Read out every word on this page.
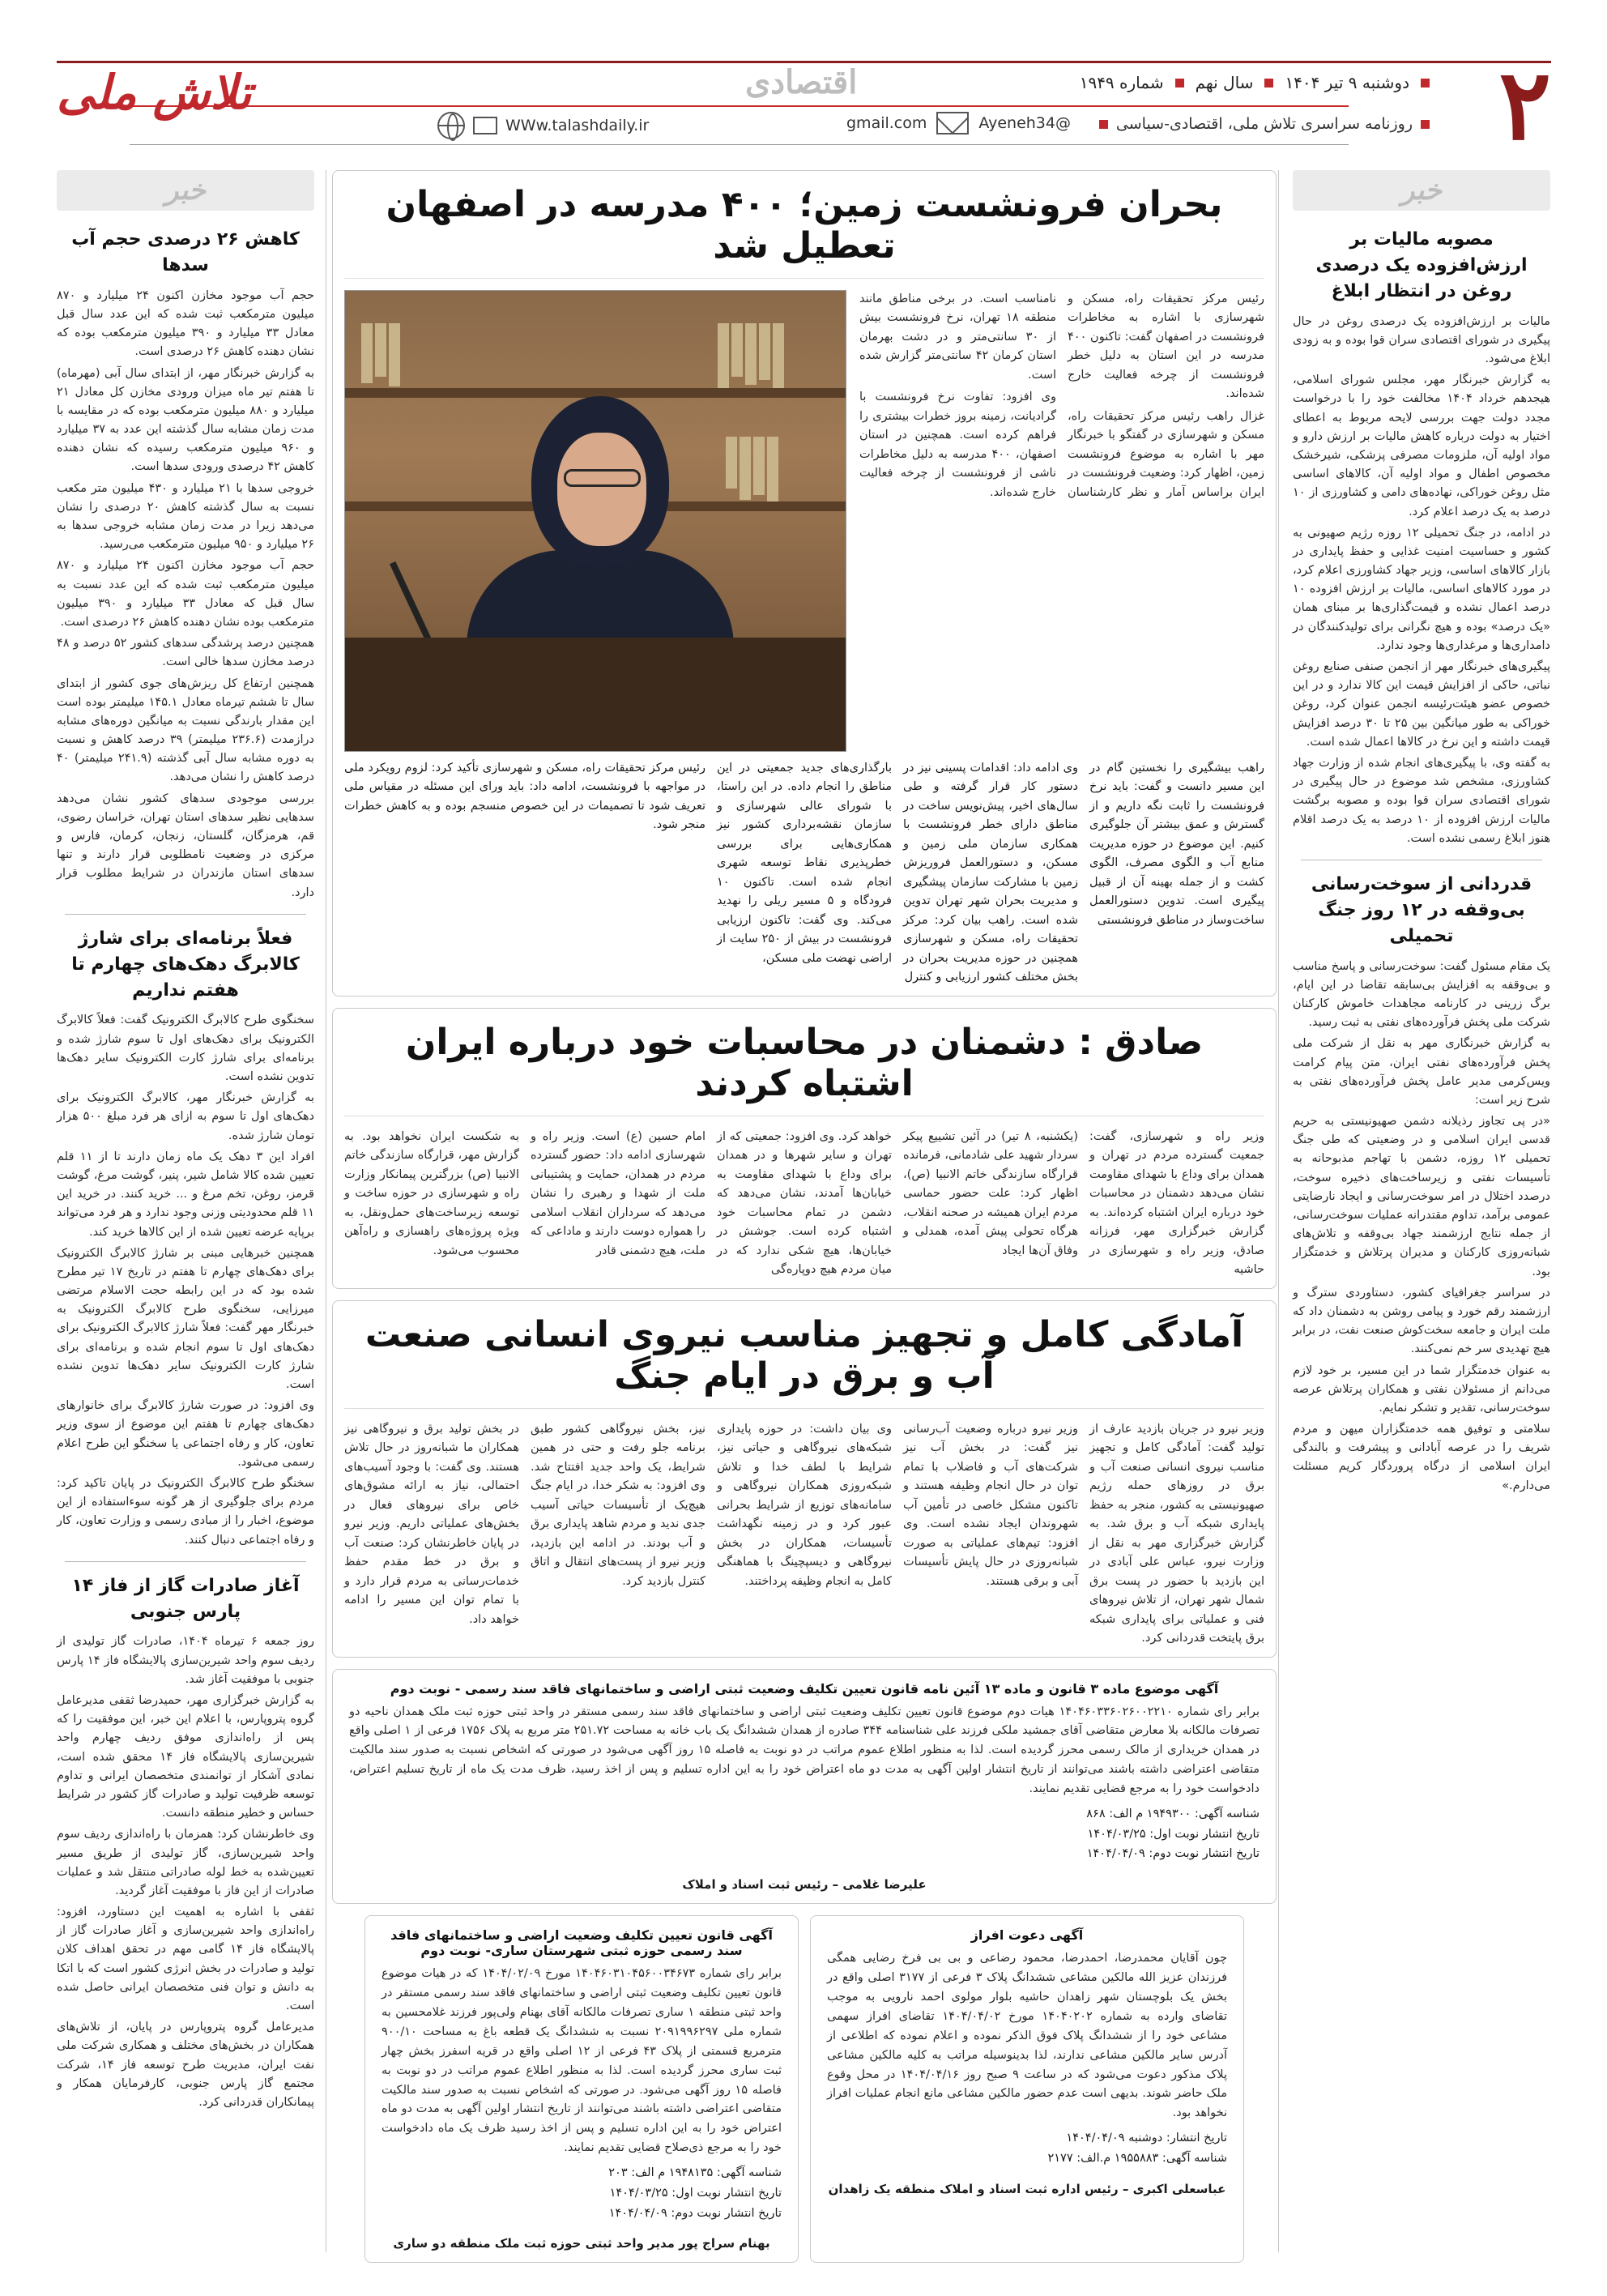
۲
تلاش ملی	اقتصادی	دوشنبه ۹ تیر ۱۴۰۴
سال نهم
شماره ۱۹۴۹
روزنامه سراسری تلاش ملی، اقتصادی-سیاسی
WWw.talashdaily.ir	gmail.com	Ayeneh34@
خبر
مصوبه مالیات بر ارزش‌افزوده یک درصدی روغن در انتظار ابلاغ

مالیات بر ارزش‌افزوده یک درصدی روغن در حال پیگیری در شورای اقتصادی سران قوا بوده و به زودی ابلاغ می‌شود.

به گزارش خبرنگار مهر، مجلس شورای اسلامی، هیجدهم خرداد ۱۴۰۴ مخالفت خود را با درخواست مجدد دولت جهت بررسی لایحه مربوط به اعطای اختیار به دولت درباره کاهش مالیات بر ارزش دارو و مواد اولیه آن، ملزومات مصرفی پزشکی، شیرخشک مخصوص اطفال و مواد اولیه آن، کالاهای اساسی مثل روغن خوراکی، نهاده‌های دامی و کشاورزی از ۱۰ درصد به یک درصد اعلام کرد.

در ادامه، در جنگ تحمیلی ۱۲ روزه رژیم صهیونی به کشور و حساسیت امنیت غذایی و حفظ پایداری در بازار کالاهای اساسی، وزیر جهاد کشاورزی اعلام کرد، در مورد کالاهای اساسی، مالیات بر ارزش افزوده ۱۰ درصد اعمال نشده و قیمت‌گذاری‌ها بر مبنای همان «یک درصد» بوده و هیچ نگرانی برای تولیدکنندگان در دامداری‌ها و مرغداری‌ها وجود ندارد.

پیگیری‌های خبرنگار مهر از انجمن صنفی صنایع روغن نباتی، حاکی از افزایش قیمت این کالا ندارد و در این خصوص عضو هیئت‌رئیسه انجمن عنوان کرد، روغن خوراکی به طور میانگین بین ۲۵ تا ۳۰ درصد افزایش قیمت داشته و این نرخ در کالاها اعمال شده است.

به گفته وی، با پیگیری‌های انجام شده از وزارت جهاد کشاورزی، مشخص شد موضوع در حال پیگیری در شورای اقتصادی سران قوا بوده و مصوبه برگشت مالیات ارزش افزوده از ۱۰ درصد به یک درصد اقلام هنوز ابلاغ رسمی نشده است.

قدردانی از سوخت‌رسانی بی‌وقفه در ۱۲ روز جنگ تحمیلی

یک مقام مسئول گفت: سوخت‌رسانی و پاسخ مناسب و بی‌وقفه به افزایش بی‌سابقه تقاضا در این ایام، برگ زرینی در کارنامه مجاهدات خاموش کارکنان شرکت ملی پخش فرآورده‌های نفتی به ثبت رسید.

به گزارش خبرنگاری مهر به نقل از شرکت ملی پخش فرآورده‌های نفتی ایران، متن پیام کرامت ویس‌کرمی مدیر عامل پخش فرآورده‌های نفتی به شرح زیر است:

«در پی تجاوز رذیلانه دشمن صهیونیستی به حریم قدسی ایران اسلامی و در وضعیتی که طی جنگ تحمیلی ۱۲ روزه، دشمن با تهاجم مذبوحانه به تأسیسات نفتی و زیرساخت‌های ذخیره سوخت، درصدد اختلال در امر سوخت‌رسانی و ایجاد نارضایتی عمومی برآمد، تداوم مقتدرانه عملیات سوخت‌رسانی، از جمله نتایج ارزشمند جهاد بی‌وقفه و تلاش‌های شبانه‌روزی کارکنان و مدیران پرتلاش و خدمتگزار بود.

در سراسر جغرافیای کشور، دستاوردی سترگ و ارزشمند رقم خورد و پیامی روشن به دشمنان داد که ملت ایران و جامعه سخت‌کوش صنعت نفت، در برابر هیچ تهدیدی سر خم نمی‌کنند.

به عنوان خدمتگزار شما در این مسیر، بر خود لازم می‌دانم از مسئولان نفتی و همکاران پرتلاش عرصه سوخت‌رسانی، تقدیر و تشکر نمایم.

سلامتی و توفیق همه خدمتگزاران میهن و مردم شریف را در عرصه آبادانی و پیشرفت و بالندگی ایران اسلامی از درگاه پروردگار کریم مسئلت می‌دارم.»

خبر
کاهش ۲۶ درصدی حجم آب سدها

حجم آب موجود مخازن اکنون ۲۴ میلیارد و ۸۷۰ میلیون مترمکعب ثبت شده که این عدد سال قبل معادل ۳۳ میلیارد و ۳۹۰ میلیون مترمکعب بوده که نشان دهنده کاهش ۲۶ درصدی است.

به گزارش خبرنگار مهر، از ابتدای سال آبی (مهرماه) تا هفتم تیر ماه میزان ورودی مخازن کل معادل ۲۱ میلیارد و ۸۸۰ میلیون مترمکعب بوده که در مقایسه با مدت زمان مشابه سال گذشته این عدد به ۳۷ میلیارد و ۹۶۰ میلیون مترمکعب رسیده که نشان دهنده کاهش ۴۲ درصدی ورودی سدها است.

خروجی سدها با ۲۱ میلیارد و ۴۳۰ میلیون متر مکعب نسبت به سال گذشته کاهش ۲۰ درصدی را نشان می‌دهد زیرا در مدت زمان مشابه خروجی سدها به ۲۶ میلیارد و ۹۵۰ میلیون مترمکعب می‌رسید.

حجم آب موجود مخازن اکنون ۲۴ میلیارد و ۸۷۰ میلیون مترمکعب ثبت شده که این عدد نسبت به سال قبل که معادل ۳۳ میلیارد و ۳۹۰ میلیون مترمکعب بوده نشان دهنده کاهش ۲۶ درصدی است.

همچنین درصد پرشدگی سدهای کشور ۵۲ درصد و ۴۸ درصد مخازن سدها خالی است.

همچنین ارتفاع کل ریزش‌های جوی کشور از ابتدای سال تا ششم تیرماه معادل ۱۴۵.۱ میلیمتر بوده است این مقدار بارندگی نسبت به میانگین دوره‌های مشابه درازمدت (۲۳۶.۶ میلیمتر) ۳۹ درصد کاهش و نسبت به دوره مشابه سال آبی گذشته (۲۴۱.۹ میلیمتر) ۴۰ درصد کاهش را نشان می‌دهد.

بررسی موجودی سدهای کشور نشان می‌دهد سدهایی نظیر سدهای استان تهران، خراسان رضوی، قم، هرمزگان، گلستان، زنجان، کرمان، فارس و مرکزی در وضعیت نامطلوبی قرار دارند و تنها سدهای استان مازندران در شرایط مطلوب قرار دارد.

فعلاً برنامه‌ای برای شارژ کالابرگ دهک‌های چهارم تا هفتم نداریم

سخنگوی طرح کالابرگ الکترونیک گفت: فعلاً کالابرگ الکترونیک برای دهک‌های اول تا سوم شارژ شده و برنامه‌ای برای شارژ کارت الکترونیک سایر دهک‌ها تدوین نشده است.

به گزارش خبرنگار مهر، کالابرگ الکترونیک برای دهک‌های اول تا سوم به ازای هر فرد مبلغ ۵۰۰ هزار تومان شارژ شده.

افراد این ۳ دهک یک ماه زمان دارند تا از ۱۱ قلم تعیین شده کالا شامل شیر، پنیر، گوشت مرغ، گوشت قرمز، روغن، تخم مرغ و ... خرید کنند. در خرید این ۱۱ قلم محدودیتی وزنی وجود ندارد و هر فرد می‌تواند برپایه عرضه تعیین شده از این کالاها خرید کند.

همچنین خبرهایی مبنی بر شارژ کالابرگ الکترونیک برای دهک‌های چهارم تا هفتم در تاریخ ۱۷ تیر مطرح شده بود که در این رابطه حجت الاسلام مرتضی میرزایی، سخنگوی طرح کالابرگ الکترونیک به خبرنگار مهر گفت: فعلاً شارژ کالابرگ الکترونیک برای دهک‌های اول تا سوم انجام شده و برنامه‌ای برای شارژ کارت الکترونیک سایر دهک‌ها تدوین نشده است.

وی افزود: در صورت شارژ کالابرگ برای خانوارهای دهک‌های چهارم تا هفتم این موضوع از سوی وزیر تعاون، کار و رفاه اجتماعی یا سخنگو این طرح اعلام رسمی می‌شود.

سخنگو طرح کالابرگ الکترونیک در پایان تاکید کرد: مردم برای جلوگیری از هر گونه سوءاستفاده از این موضوع، اخبار را از مبادی رسمی و وزارت تعاون، کار و رفاه اجتماعی دنبال کنند.

آغاز صادرات گاز از فاز ۱۴ پارس جنوبی

روز جمعه ۶ تیرماه ۱۴۰۴، صادرات گاز تولیدی از ردیف سوم واحد شیرین‌سازی پالایشگاه فاز ۱۴ پارس جنوبی با موفقیت آغاز شد.

به گزارش خبرگزاری مهر، حمیدرضا ثقفی مدیرعامل گروه پتروپارس، با اعلام این خبر، این موفقیت را که پس از راه‌اندازی موفق ردیف چهارم واحد شیرین‌سازی پالایشگاه فاز ۱۴ محقق شده است، نمادی آشکار از توانمندی متخصصان ایرانی و تداوم توسعه ظرفیت تولید و صادرات گاز کشور در شرایط حساس و خطیر منطقه دانست.

وی خاطرنشان کرد: همزمان با راه‌اندازی ردیف سوم واحد شیرین‌سازی، گاز تولیدی از طریق مسیر تعیین‌شده به خط لوله صادراتی منتقل شد و عملیات صادرات از این فاز با موفقیت آغاز گردید.

ثقفی با اشاره به اهمیت این دستاورد، افزود: راه‌اندازی واحد شیرین‌سازی و آغاز صادرات گاز از پالایشگاه فاز ۱۴ گامی مهم در تحقق اهداف کلان تولید و صادرات در بخش انرژی کشور است که با اتکا به دانش و توان فنی متخصصان ایرانی حاصل شده است.

مدیرعامل گروه پتروپارس در پایان، از تلاش‌های همکاران در بخش‌های مختلف و همکاری شرکت ملی نفت ایران، مدیریت طرح توسعه فاز ۱۴، شرکت مجتمع گاز پارس جنوبی، کارفرمایان همکار و پیمانکاران قدردانی کرد.

بحران فرونشست زمین؛ ۴۰۰ مدرسه در اصفهان تعطیل شد

رئیس مرکز تحقیقات راه، مسکن و شهرسازی با اشاره به مخاطرات فرونشست در اصفهان گفت: تاکنون ۴۰۰ مدرسه در این استان به دلیل خطر فرونشست از چرخه فعالیت خارج شده‌اند.

غزال راهب رئیس مرکز تحقیقات راه، مسکن و شهرسازی در گفتگو با خبرنگار مهر با اشاره به موضوع فرونشست زمین، اظهار کرد: وضعیت فرونشست در ایران براساس آمار و نظر کارشناسان نامناسب است. در برخی مناطق مانند منطقه ۱۸ تهران، نرخ فرونشست بیش از ۳۰ سانتی‌متر و در دشت بهرمان استان کرمان ۴۲ سانتی‌متر گزارش شده است.

وی افزود: تفاوت نرخ فرونشست با گرادیانت، زمینه بروز خطرات بیشتری را فراهم کرده است. همچنین در استان اصفهان، ۴۰۰ مدرسه به دلیل مخاطرات ناشی از فرونشست از چرخه فعالیت خارج شده‌اند.

راهب بیشگیری را نخستین گام در این مسیر دانست و گفت: باید نرخ فرونشست را ثابت نگه داریم و از گسترش و عمق بیشتر آن جلوگیری کنیم. این موضوع در حوزه مدیریت منابع آب و الگوی مصرف، الگوی کشت و از جمله بهینه آن از قبیل پیگیری است. تدوین دستورالعمل ساخت‌وساز در مناطق فرونشستی

وی ادامه داد: اقدامات پسینی نیز در دستور کار قرار گرفته و طی سال‌های اخیر، پیش‌نویس ساخت در مناطق دارای خطر فرونشست با همکاری سازمان ملی زمین و مسکن، و دستورالعمل فروریزش زمین با مشارکت سازمان پیشگیری و مدیریت بحران شهر تهران تدوین شده است. راهب بیان کرد: مرکز تحقیقات راه، مسکن و شهرسازی همچنین در حوزه مدیریت بحران در بخش مختلف کشور ارزیابی و کنترل

بارگذاری‌های جدید جمعیتی در این مناطق را انجام داده. در این راستا، با شورای عالی شهرسازی و سازمان نقشه‌برداری کشور نیز همکاری‌هایی برای بررسی خطرپذیری نقاط توسعه شهری انجام شده است. تاکنون ۱۰ فرودگاه و ۵ مسیر ریلی را نهدید می‌کند. وی گفت: تاکنون ارزیابی فرونشست در بیش از ۲۵۰ سایت از اراضی نهضت ملی مسکن،

رئیس مرکز تحقیقات راه، مسکن و شهرسازی تأکید کرد: لزوم رویکرد ملی در مواجهه با فرونشست، ادامه داد: باید ورای این مسئله در مقیاس ملی تعریف شود تا تصمیمات در این خصوص منسجم بوده و به کاهش خطرات منجر شود.

صادق : دشمنان در محاسبات خود درباره ایران اشتباه کردند

وزیر راه و شهرسازی، گفت: جمعیت گسترده مردم در تهران و همدان برای وداع با شهدای مقاومت نشان می‌دهد دشمنان در محاسبات خود درباره ایران اشتباه کرده‌اند. به گزارش خبرگزاری مهر، فرزانه صادق، وزیر راه و شهرسازی در حاشیه

(یکشنبه، ۸ تیر) در آئین تشییع پیکر سردار شهید علی شادمانی، فرمانده قرارگاه سازندگی خاتم الانبیا (ص)، اظهار کرد: علت حضور حماسی مردم ایران همیشه در صحنه انقلاب، هرگاه تحولی پیش آمده، همدلی و وفاق آن‌ها ایجاد

خواهد کرد. وی افزود: جمعیتی که از تهران و سایر شهرها و در همدان برای وداع با شهدای مقاومت به خیابان‌ها آمدند، نشان می‌دهد که دشمن در تمام محاسبات خود اشتباه کرده است. جوشش در خیابان‌ها، هیچ شکی ندارد که در میان مردم هیچ دوپاره‌گی

امام حسین (ع) است. وزیر راه و شهرسازی ادامه داد: حضور گسترده مردم در همدان، حمایت و پشتیبانی ملت از شهدا و رهبری را نشان می‌دهد که سرداران انقلاب اسلامی را همواره دوست دارند و ماداعی که ملت، هیچ دشمنی قادر

به شکست ایران نخواهد بود. به گزارش مهر، قرارگاه سازندگی خاتم الانبیا (ص) بزرگترین پیمانکار وزارت راه و شهرسازی در حوزه ساخت و توسعه زیرساخت‌های حمل‌ونقل، به ویژه پروژه‌های راهسازی و راه‌آهن محسوب می‌شود.

آمادگی کامل و تجهیز مناسب نیروی انسانی صنعت آب و برق در ایام جنگ

وزیر نیرو در جریان بازدید عارف از تولید گفت: آمادگی کامل و تجهیز مناسب نیروی انسانی صنعت آب و برق در روزهای حمله رژیم صهیونیستی به کشور، منجر به حفظ پایداری شبکه آب و برق شد. به گزارش خبرگزاری مهر به نقل از وزارت نیرو، عباس علی آبادی در این بازدید با حضور در پست برق شمال شهر تهران، از تلاش نیروهای فنی و عملیاتی برای پایداری شبکه برق پایتخت قدردانی کرد.

وزیر نیرو درباره وضعیت آب‌رسانی نیز گفت: در بخش آب نیز شرکت‌های آب و فاضلاب با تمام توان در حال انجام وظیفه هستند و تاکنون مشکل خاصی در تأمین آب شهروندان ایجاد نشده است. وی افزود: تیم‌های عملیاتی به صورت شبانه‌روزی در حال پایش تأسیسات آبی و برقی هستند.

وی بیان داشت: در حوزه پایداری شبکه‌های نیروگاهی و حیاتی نیز، شرایط با لطف خدا و تلاش شبکه‌روزی همکاران نیروگاهی و سامانه‌های توزیع از شرایط بحرانی عبور کرد و در زمینه نگهداشت تأسیسات، همکاران در بخش نیروگاهی و دیسپچینگ با هماهنگی کامل به انجام وظیفه پرداختند.

نیز، بخش نیروگاهی کشور طبق برنامه جلو رفت و حتی در همین شرایط، یک واحد جدید افتتاح شد. وی افزود: به شکر خدا، در ایام جنگ هیچ‌یک از تأسیسات حیاتی آسیب جدی ندید و مردم شاهد پایداری برق و آب بودند. در ادامه این بازدید، وزیر نیرو از پست‌های انتقال و اتاق کنترل بازدید کرد.

در بخش تولید برق و نیروگاهی نیز همکاران ما شبانه‌روز در حال تلاش هستند. وی گفت: با وجود آسیب‌های احتمالی، نیاز به ارائه مشوق‌های خاص برای نیروهای فعال در بخش‌های عملیاتی داریم. وزیر نیرو در پایان خاطرنشان کرد: صنعت آب و برق در خط مقدم حفظ خدمات‌رسانی به مردم قرار دارد و با تمام توان این مسیر را ادامه خواهد داد.

آگهی موضوع ماده ۳ قانون و ماده ۱۳ آئین نامه قانون تعیین تکلیف وضعیت ثبتی اراضی و ساختمانهای فاقد سند رسمی - نوبت دوم

برابر رای شماره ۱۴۰۴۶۰۳۳۶۰۲۶۰۰۲۲۱۰ هیات دوم موضوع قانون تعیین تکلیف وضعیت ثبتی اراضی و ساختمانهای فاقد سند رسمی مستقر در واحد ثبتی حوزه ثبت ملک همدان ناحیه دو تصرفات مالکانه بلا معارض متقاضی آقای جمشید ملکی فرزند علی شناسنامه ۳۴۴ صادره از همدان ششدانگ یک باب خانه به مساحت ۲۵۱.۷۲ متر مربع به پلاک ۱۷۵۶ فرعی از ۱ اصلی واقع در همدان خریداری از مالک رسمی محرز گردیده است. لذا به منظور اطلاع عموم مراتب در دو نوبت به فاصله ۱۵ روز آگهی می‌شود در صورتی که اشخاص نسبت به صدور سند مالکیت متقاضی اعتراضی داشته باشند می‌توانند از تاریخ انتشار اولین آگهی به مدت دو ماه اعتراض خود را به این اداره تسلیم و پس از اخذ رسید، ظرف مدت یک ماه از تاریخ تسلیم اعتراض، دادخواست خود را به مرجع قضایی تقدیم نمایند.

شناسه آگهی: ۱۹۴۹۳۰۰ م الف: ۸۶۸
تاریخ انتشار نوبت اول: ۱۴۰۴/۰۳/۲۵
تاریخ انتشار نوبت دوم: ۱۴۰۴/۰۴/۰۹
علیرضا غلامی – رئیس ثبت اسناد و املاک
آگهی دعوت افراز

چون آقایان محمدرضا، احمدرضا، محمود رضاعی و بی بی فرخ رضایی همگی فرزندان عزیز الله مالکین مشاعی ششدانگ پلاک ۳ فرعی از ۳۱۷۷ اصلی واقع در بخش یک بلوچستان شهر زاهدان حاشیه بلوار مولوی احمد نارویی به موجب تقاضای وارده به شماره ۱۴۰۴۰۲۰۲ مورخ ۱۴۰۴/۰۴/۰۲ تقاضای افراز سهمی مشاعی خود را از ششدانگ پلاک فوق الذکر نموده و اعلام نموده که اطلاعی از آدرس سایر مالکین مشاعی ندارند، لذا بدینوسیله مراتب به کلیه مالکین مشاعی پلاک مذکور دعوت می‌شود که در ساعت ۹ صبح روز ۱۴۰۴/۰۴/۱۶ در محل وقوع ملک حاضر شوند. بدیهی است عدم حضور مالکین مشاعی مانع انجام عملیات افراز نخواهد بود.

تاریخ انتشار: دوشنبه ۱۴۰۴/۰۴/۰۹
شناسه آگهی: ۱۹۵۵۸۸۳ م.الف: ۲۱۷۷
عباسعلی اکبری – رئیس اداره ثبت اسناد و املاک منطقه یک زاهدان
آگهی قانون تعیین تکلیف وضعیت اراضی و ساختمانهای فاقد سند رسمی حوزه ثبتی شهرستان ساری- نوبت دوم

برابر رای شماره ۱۴۰۴۶۰۳۱۰۴۵۶۰۰۳۴۶۷۳ مورخ ۱۴۰۴/۰۲/۰۹ که در هیات موضوع قانون تعیین تکلیف وضعیت ثبتی اراضی و ساختمانهای فاقد سند رسمی مستقر در واحد ثبتی منطقه ۱ ساری تصرفات مالکانه آقای بهنام ولی‌پور فرزند غلامحسین به شماره ملی ۲۰۹۱۹۹۶۲۹۷ نسبت به ششدانگ یک قطعه باغ به مساحت ۹۰۰/۱۰ مترمربع قسمتی از پلاک ۴۳ فرعی از ۱۲ اصلی واقع در قریه اسفرز بخش چهار ثبت ساری محرز گردیده است. لذا به منظور اطلاع عموم مراتب در دو نوبت به فاصله ۱۵ روز آگهی می‌شود. در صورتی که اشخاص نسبت به صدور سند مالکیت متقاضی اعتراضی داشته باشند می‌توانند از تاریخ انتشار اولین آگهی به مدت دو ماه اعتراض خود را به این اداره تسلیم و پس از اخذ رسید ظرف یک ماه دادخواست خود را به مرجع ذی‌صلاح قضایی تقدیم نمایند.

شناسه آگهی: ۱۹۴۸۱۳۵ م الف: ۲۰۳
تاریخ انتشار نوبت اول: ۱۴۰۴/۰۳/۲۵
تاریخ انتشار نوبت دوم: ۱۴۰۴/۰۴/۰۹
بهنام سراج پور مدیر واحد ثبتی حوزه ثبت ملک منطقه دو ساری
